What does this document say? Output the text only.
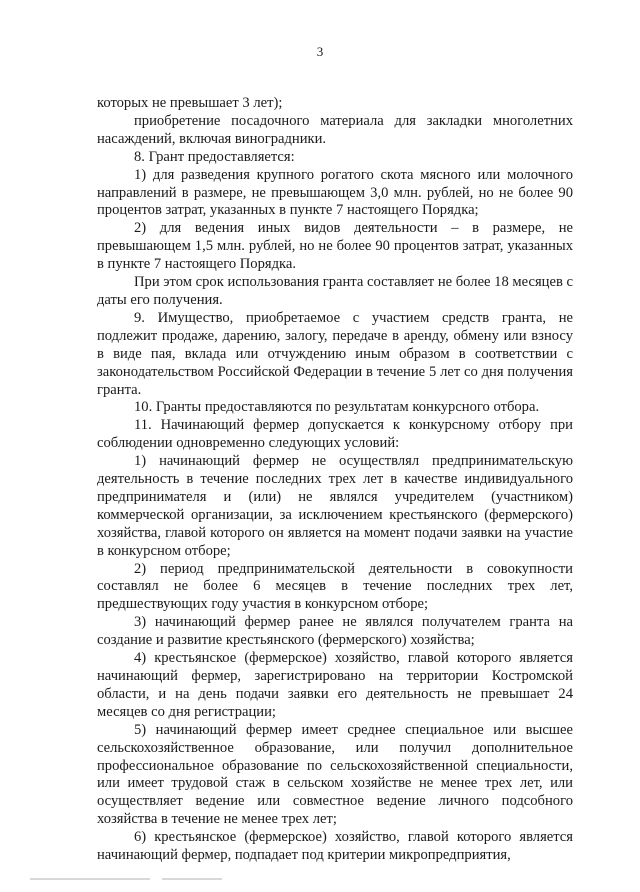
3

которых не превышает 3 лет);

приобретение посадочного материала для закладки многолетних насаждений, включая виноградники.

8. Грант предоставляется:

1) для разведения крупного рогатого скота мясного или молочного направлений в размере, не превышающем 3,0 млн. рублей, но не более 90 процентов затрат, указанных в пункте 7 настоящего Порядка;

2) для ведения иных видов деятельности – в размере, не превышающем 1,5 млн. рублей, но не более 90 процентов затрат, указанных в пункте 7 настоящего Порядка.

При этом срок использования гранта составляет не более 18 месяцев с даты его получения.

9. Имущество, приобретаемое с участием средств гранта, не подлежит продаже, дарению, залогу, передаче в аренду, обмену или взносу в виде пая, вклада или отчуждению иным образом в соответствии с законодательством Российской Федерации в течение 5 лет со дня получения гранта.

10. Гранты предоставляются по результатам конкурсного отбора.

11. Начинающий фермер допускается к конкурсному отбору при соблюдении одновременно следующих условий:

1) начинающий фермер не осуществлял предпринимательскую деятельность в течение последних трех лет в качестве индивидуального предпринимателя и (или) не являлся учредителем (участником) коммерческой организации, за исключением крестьянского (фермерского) хозяйства, главой которого он является на момент подачи заявки на участие в конкурсном отборе;

2) период предпринимательской деятельности в совокупности составлял не более 6 месяцев в течение последних трех лет, предшествующих году участия в конкурсном отборе;

3) начинающий фермер ранее не являлся получателем гранта на создание и развитие крестьянского (фермерского) хозяйства;

4) крестьянское (фермерское) хозяйство, главой которого является начинающий фермер, зарегистрировано на территории Костромской области, и на день подачи заявки его деятельность не превышает 24 месяцев со дня регистрации;

5) начинающий фермер имеет среднее специальное или высшее сельскохозяйственное образование, или получил дополнительное профессиональное образование по сельскохозяйственной специальности, или имеет трудовой стаж в сельском хозяйстве не менее трех лет, или осуществляет ведение или совместное ведение личного подсобного хозяйства в течение не менее трех лет;

6) крестьянское (фермерское) хозяйство, главой которого является начинающий фермер, подпадает под критерии микропредприятия,
